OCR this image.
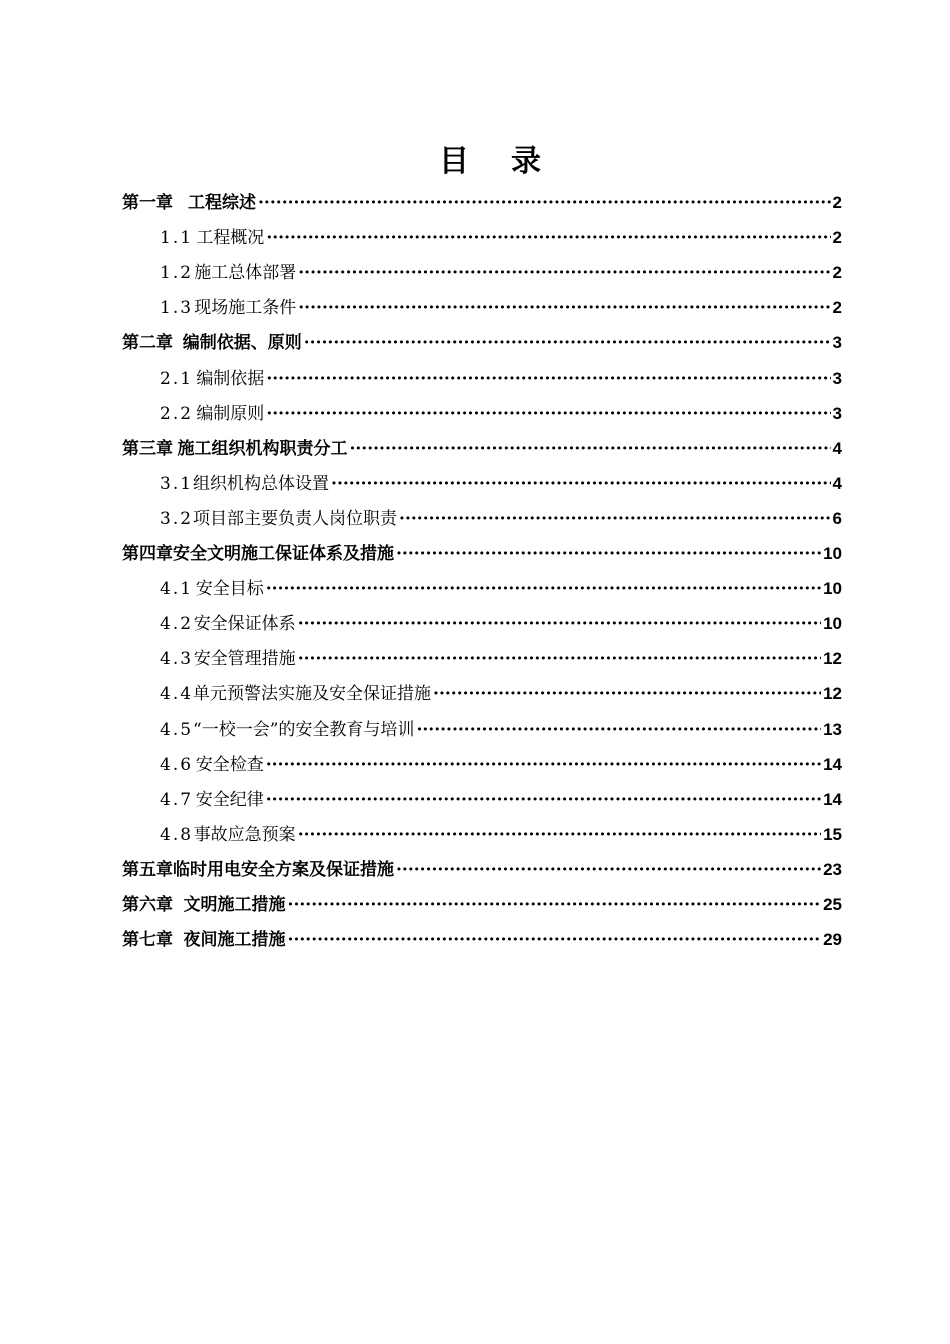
目　录
第一章 工程综述 ·····	2
1.1 工程概况 ·····	2
1.2 施工总体部署 ·····	2
1.3 现场施工条件 ·····	2
第二章 编制依据、原则 ·····	3
2.1 编制依据 ·····	3
2.2 编制原则 ·····	3
第三章 施工组织机构职责分工 ·····	4
3.1 组织机构总体设置 ·····	4
3.2 项目部主要负责人岗位职责 ·····	6
第四章 安全文明施工保证体系及措施 ·····	10
4.1 安全目标 ·····	10
4.2 安全保证体系 ·····	10
4.3 安全管理措施 ·····	12
4.4 单元预警法实施及安全保证措施 ·····	12
4.5 “一校一会”的安全教育与培训 ·····	13
4.6 安全检查 ·····	14
4.7 安全纪律 ·····	14
4.8 事故应急预案 ·····	15
第五章 临时用电安全方案及保证措施 ·····	23
第六章 文明施工措施 ·····	25
第七章 夜间施工措施 ·····	29
